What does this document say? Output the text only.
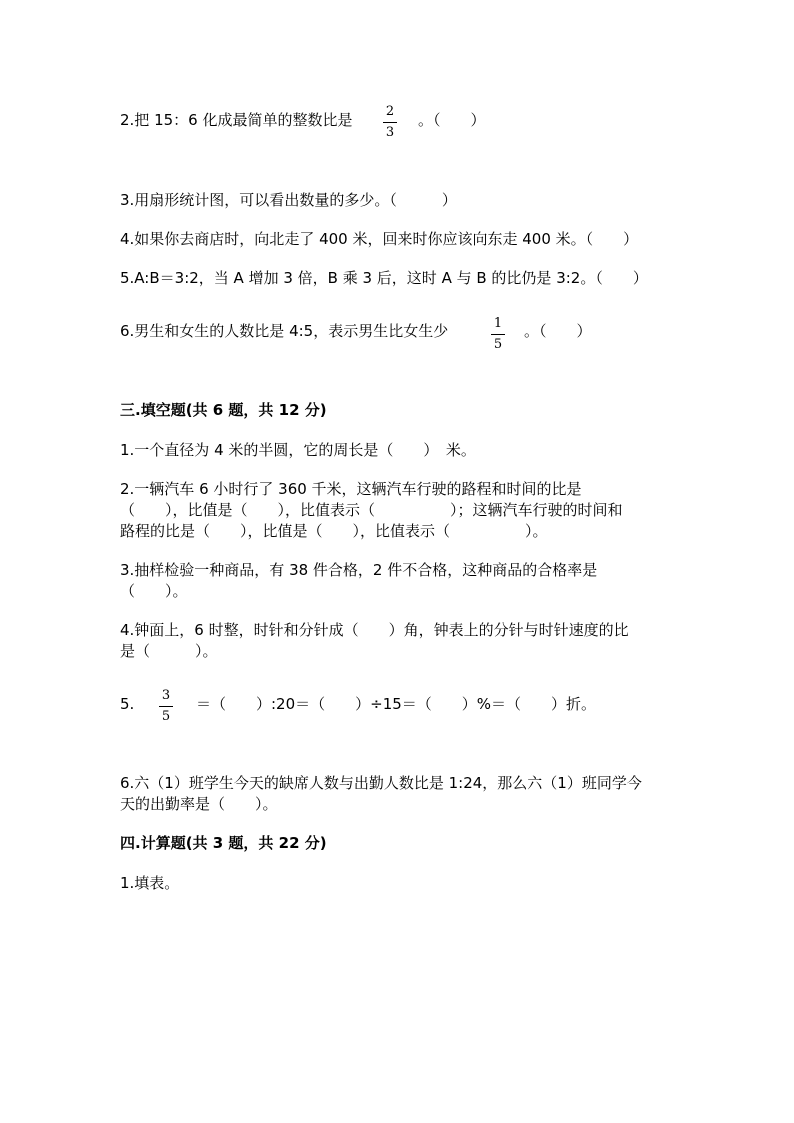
2.把 15：6 化成最简单的整数比是	2
3
。（　　）
3.用扇形统计图，可以看出数量的多少。（　　　）
4.如果你去商店时，向北走了 400 米，回来时你应该向东走 400 米。（　　）
5.A:B＝3:2，当 A 增加 3 倍，B 乘 3 后，这时 A 与 B 的比仍是 3:2。（　　）
6.男生和女生的人数比是 4:5，表示男生比女生少	1
5
。（　　）
三.填空题(共 6 题，共 12 分)
1.一个直径为 4 米的半圆，它的周长是（　　）　米。
2.一辆汽车 6 小时行了 360 千米，这辆汽车行驶的路程和时间的比是
（　　），比值是（　　），比值表示（　　　　　）；这辆汽车行驶的时间和
路程的比是（　　），比值是（　　），比值表示（　　　　　）。
3.抽样检验一种商品，有 38 件合格，2 件不合格，这种商品的合格率是
（　　）。
4.钟面上，6 时整，时针和分针成（　　）角，钟表上的分针与时针速度的比
是（　　　）。
5. 3
5
＝（　　）:20＝（　　）÷15＝（　　）%＝（　　）折。
6.六（1）班学生今天的缺席人数与出勤人数比是 1:24，那么六（1）班同学今
天的出勤率是（　　）。
四.计算题(共 3 题，共 22 分)
1.填表。
